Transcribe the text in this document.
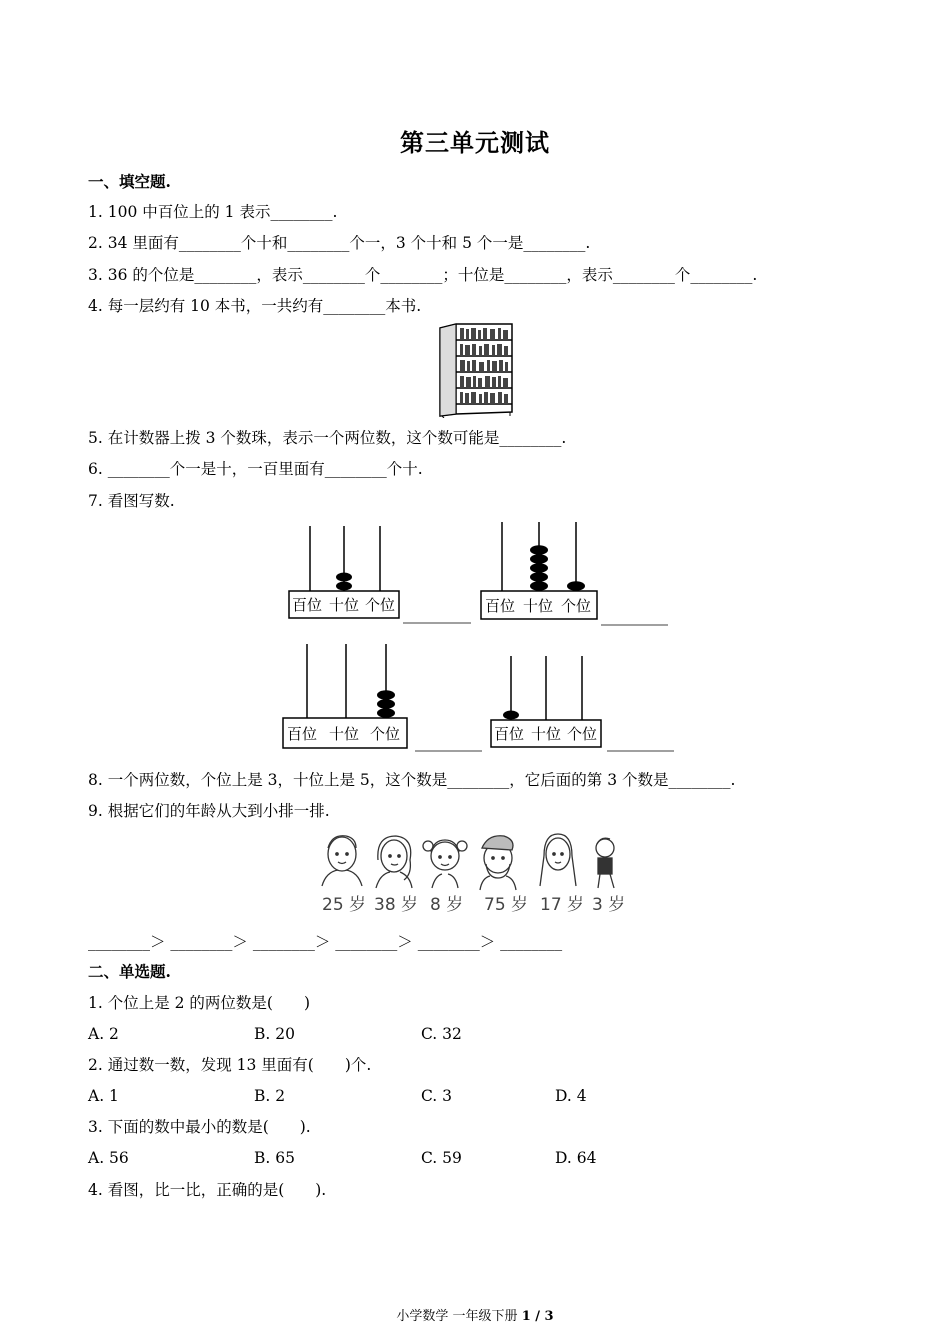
第三单元测试
一、填空题.
1. 100 中百位上的 1 表示________.
2. 34 里面有________个十和________个一，3 个十和 5 个一是________.
3. 36 的个位是________，表示________个________；十位是________，表示________个________.
4. 每一层约有 10 本书，一共约有________本书.
5. 在计数器上拨 3 个数珠，表示一个两位数，这个数可能是________.
6. ________个一是十，一百里面有________个十.
7. 看图写数.
百位 十位 个位	百位 十位 个位
百位 十位 个位	百位 十位 个位
8. 一个两位数，个位上是 3，十位上是 5，这个数是________，它后面的第 3 个数是________.
9. 根据它们的年龄从大到小排一排.
25 岁 38 岁 8 岁 75 岁 17 岁 3 岁
________＞ ________＞ ________＞ ________＞ ________＞ ________
二、单选题.
1. 个位上是 2 的两位数是(　　)
A. 2	B. 20	C. 32
2. 通过数一数，发现 13 里面有(　　)个.
A. 1	B. 2	C. 3	D. 4
3. 下面的数中最小的数是(　　).
A. 56	B. 65	C. 59	D. 64
4. 看图，比一比，正确的是(　　).
小学数学 一年级下册 1 / 3
